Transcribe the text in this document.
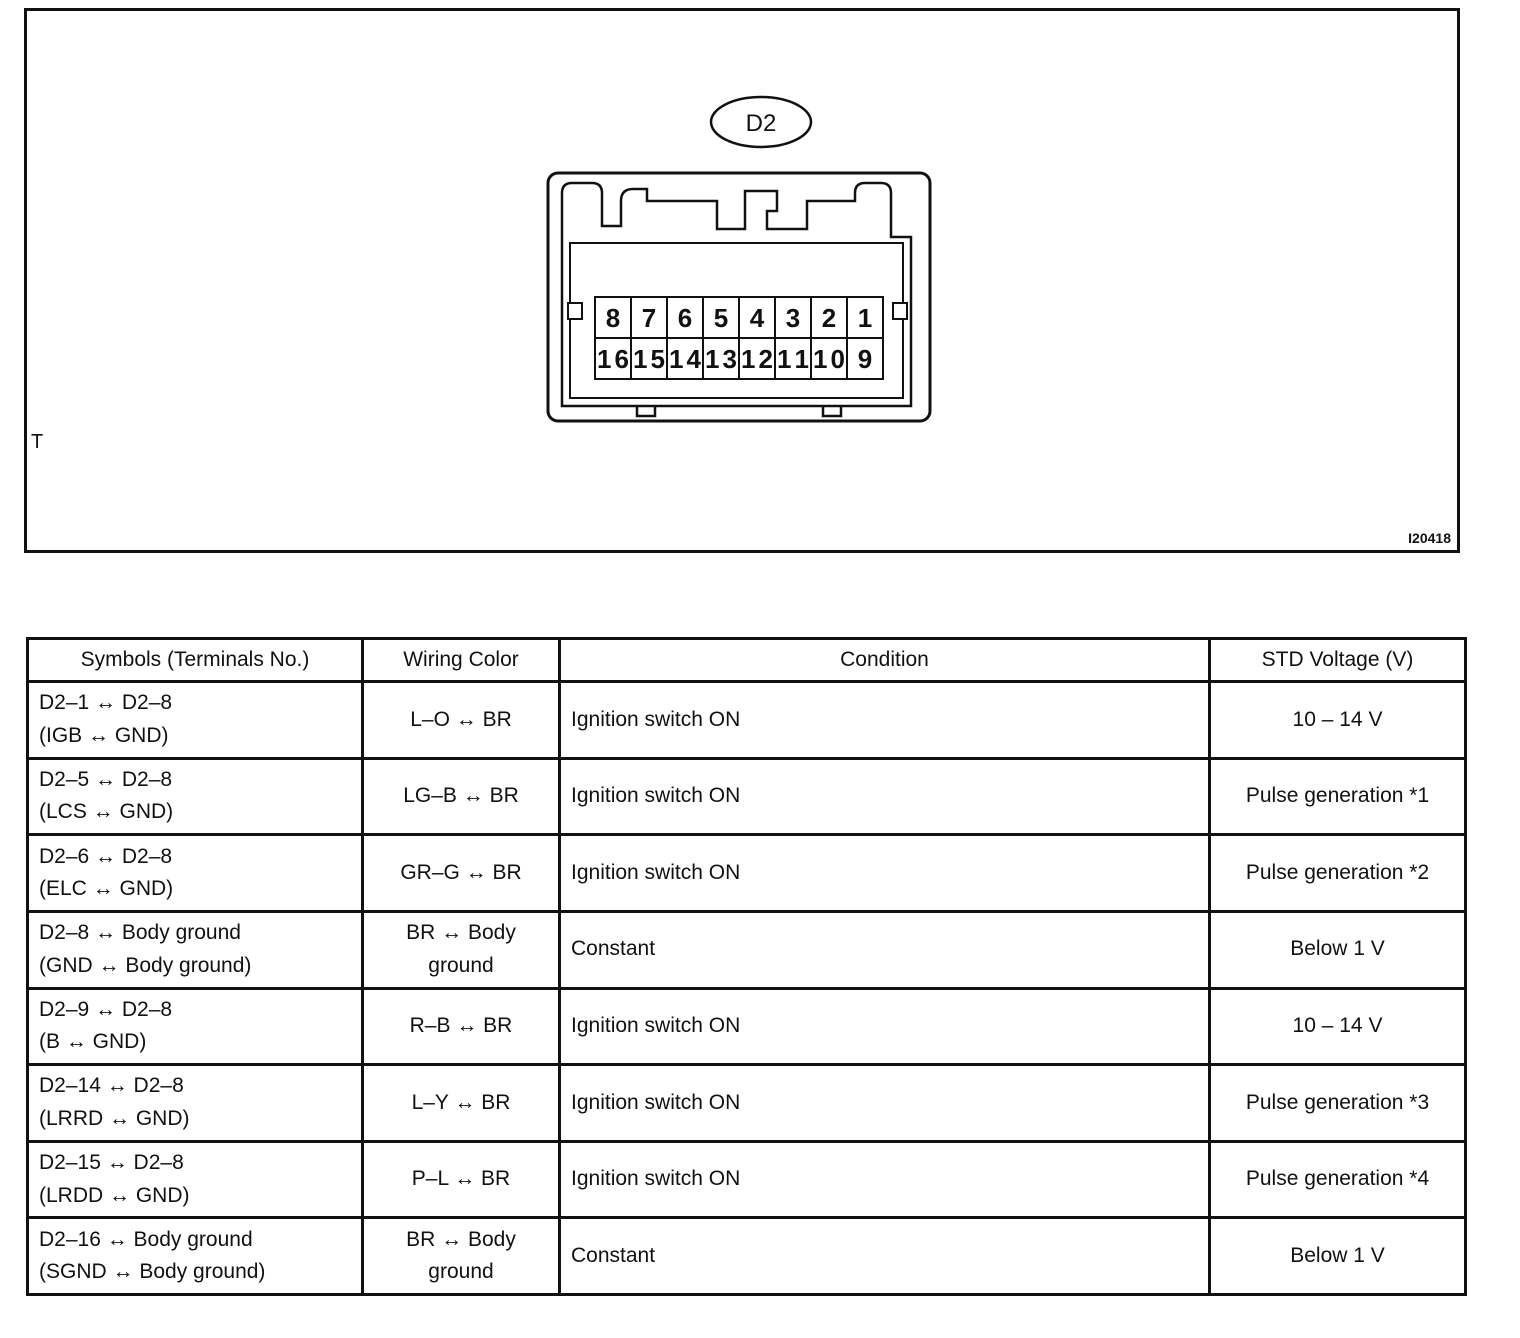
D2
8 7 6 5 4 3 2 1
16 15 14 13 12 11 10 9
T
I20418
Symbols (Terminals No.)	Wiring Color	Condition	STD Voltage (V)

D2–1 ↔ D2–8
(IGB ↔ GND)	L–O ↔ BR	Ignition switch ON	10 – 14 V

D2–5 ↔ D2–8
(LCS ↔ GND)	LG–B ↔ BR	Ignition switch ON	Pulse generation *1

D2–6 ↔ D2–8
(ELC ↔ GND)	GR–G ↔ BR	Ignition switch ON	Pulse generation *2

D2–8 ↔ Body ground
(GND ↔ Body ground)	BR ↔ Body
ground	Constant	Below 1 V

D2–9 ↔ D2–8
(B ↔ GND)	R–B ↔ BR	Ignition switch ON	10 – 14 V

D2–14 ↔ D2–8
(LRRD ↔ GND)	L–Y ↔ BR	Ignition switch ON	Pulse generation *3

D2–15 ↔ D2–8
(LRDD ↔ GND)	P–L ↔ BR	Ignition switch ON	Pulse generation *4

D2–16 ↔ Body ground
(SGND ↔ Body ground)	BR ↔ Body
ground	Constant	Below 1 V
